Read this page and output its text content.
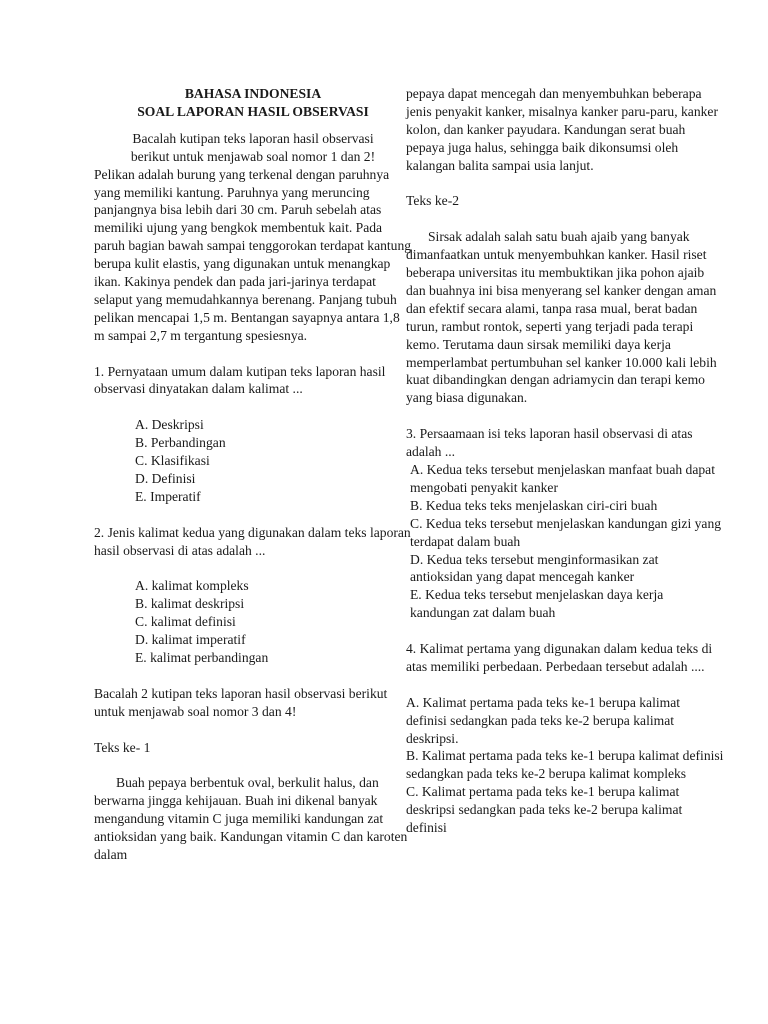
BAHASA INDONESIA

SOAL LAPORAN HASIL OBSERVASI

Bacalah kutipan teks laporan hasil observasi

berikut untuk menjawab soal nomor 1 dan 2!

Pelikan adalah burung yang terkenal dengan paruhnya yang memiliki kantung. Paruhnya yang meruncing panjangnya bisa lebih dari 30 cm. Paruh sebelah atas memiliki ujung yang bengkok membentuk kait. Pada paruh bagian bawah sampai tenggorokan terdapat kantung berupa kulit elastis, yang digunakan untuk menangkap ikan. Kakinya pendek dan pada jari-jarinya terdapat selaput yang memudahkannya berenang. Panjang tubuh pelikan mencapai 1,5 m. Bentangan sayapnya antara 1,8 m sampai 2,7 m tergantung spesiesnya.

1. Pernyataan umum dalam kutipan teks laporan hasil observasi dinyatakan dalam kalimat ...

A. Deskripsi

B. Perbandingan

C. Klasifikasi

D. Definisi

E. Imperatif

2. Jenis kalimat kedua yang digunakan dalam teks laporan hasil observasi di atas adalah ...

A. kalimat kompleks

B. kalimat deskripsi

C. kalimat definisi

D. kalimat imperatif

E. kalimat perbandingan

Bacalah 2 kutipan teks laporan hasil observasi berikut untuk menjawab soal nomor 3 dan 4!

Teks ke- 1

Buah pepaya berbentuk oval, berkulit halus, dan berwarna jingga kehijauan. Buah ini dikenal banyak mengandung vitamin C juga memiliki kandungan zat antioksidan yang baik. Kandungan vitamin C dan karoten dalam

pepaya dapat mencegah dan menyembuhkan beberapa jenis penyakit kanker, misalnya kanker paru-paru, kanker kolon, dan kanker payudara. Kandungan serat buah pepaya juga halus, sehingga baik dikonsumsi oleh kalangan balita sampai usia lanjut.

Teks ke-2

Sirsak adalah salah satu buah ajaib yang banyak dimanfaatkan untuk menyembuhkan kanker. Hasil riset beberapa universitas itu membuktikan jika pohon ajaib dan buahnya ini bisa menyerang sel kanker dengan aman dan efektif secara alami, tanpa rasa mual, berat badan turun, rambut rontok, seperti yang terjadi pada terapi kemo. Terutama daun sirsak memiliki daya kerja memperlambat pertumbuhan sel kanker 10.000 kali lebih kuat dibandingkan dengan adriamycin dan terapi kemo yang biasa digunakan.

3. Persaamaan isi teks laporan hasil observasi di atas adalah ...

A. Kedua teks tersebut menjelaskan manfaat buah dapat mengobati penyakit kanker

B. Kedua teks teks menjelaskan ciri-ciri buah

C. Kedua teks tersebut menjelaskan kandungan gizi yang terdapat dalam buah

D. Kedua teks tersebut menginformasikan zat antioksidan yang dapat mencegah kanker

E. Kedua teks tersebut menjelaskan daya kerja kandungan zat dalam buah

4. Kalimat pertama yang digunakan dalam kedua teks di atas memiliki perbedaan. Perbedaan tersebut adalah ....

A. Kalimat pertama pada teks ke-1 berupa kalimat definisi sedangkan pada teks ke-2 berupa kalimat deskripsi.

B. Kalimat pertama pada teks ke-1 berupa kalimat definisi sedangkan pada teks ke-2 berupa kalimat kompleks

C. Kalimat pertama pada teks ke-1 berupa kalimat deskripsi sedangkan pada teks ke-2 berupa kalimat definisi
